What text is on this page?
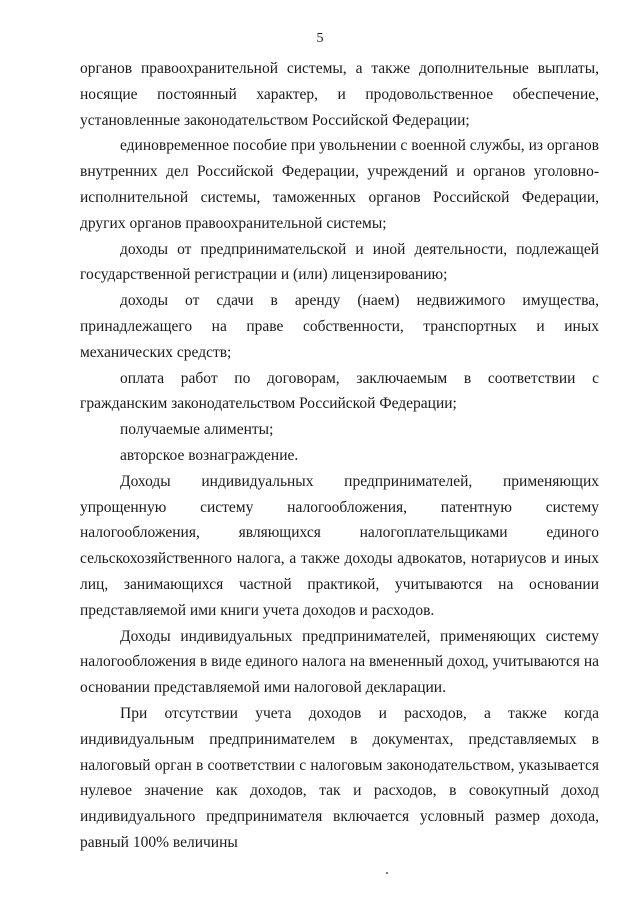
5

органов правоохранительной системы, а также дополнительные выплаты, носящие постоянный характер, и продовольственное обеспечение, установленные законодательством Российской Федерации;

единовременное пособие при увольнении с военной службы, из органов внутренних дел Российской Федерации, учреждений и органов уголовно-исполнительной системы, таможенных органов Российской Федерации, других органов правоохранительной системы;

доходы от предпринимательской и иной деятельности, подлежащей государственной регистрации и (или) лицензированию;

доходы от сдачи в аренду (наем) недвижимого имущества, принадлежащего на праве собственности, транспортных и иных механических средств;

оплата работ по договорам, заключаемым в соответствии с гражданским законодательством Российской Федерации;

получаемые алименты;

авторское вознаграждение.

Доходы индивидуальных предпринимателей, применяющих упрощенную систему налогообложения, патентную систему налогообложения, являющихся налогоплательщиками единого сельскохозяйственного налога, а также доходы адвокатов, нотариусов и иных лиц, занимающихся частной практикой, учитываются на основании представляемой ими книги учета доходов и расходов.

Доходы индивидуальных предпринимателей, применяющих систему налогообложения в виде единого налога на вмененный доход, учитываются на основании представляемой ими налоговой декларации.

При отсутствии учета доходов и расходов, а также когда индивидуальным предпринимателем в документах, представляемых в налоговый орган в соответствии с налоговым законодательством, указывается нулевое значение как доходов, так и расходов, в совокупный доход индивидуального предпринимателя включается условный размер дохода, равный 100% величины
